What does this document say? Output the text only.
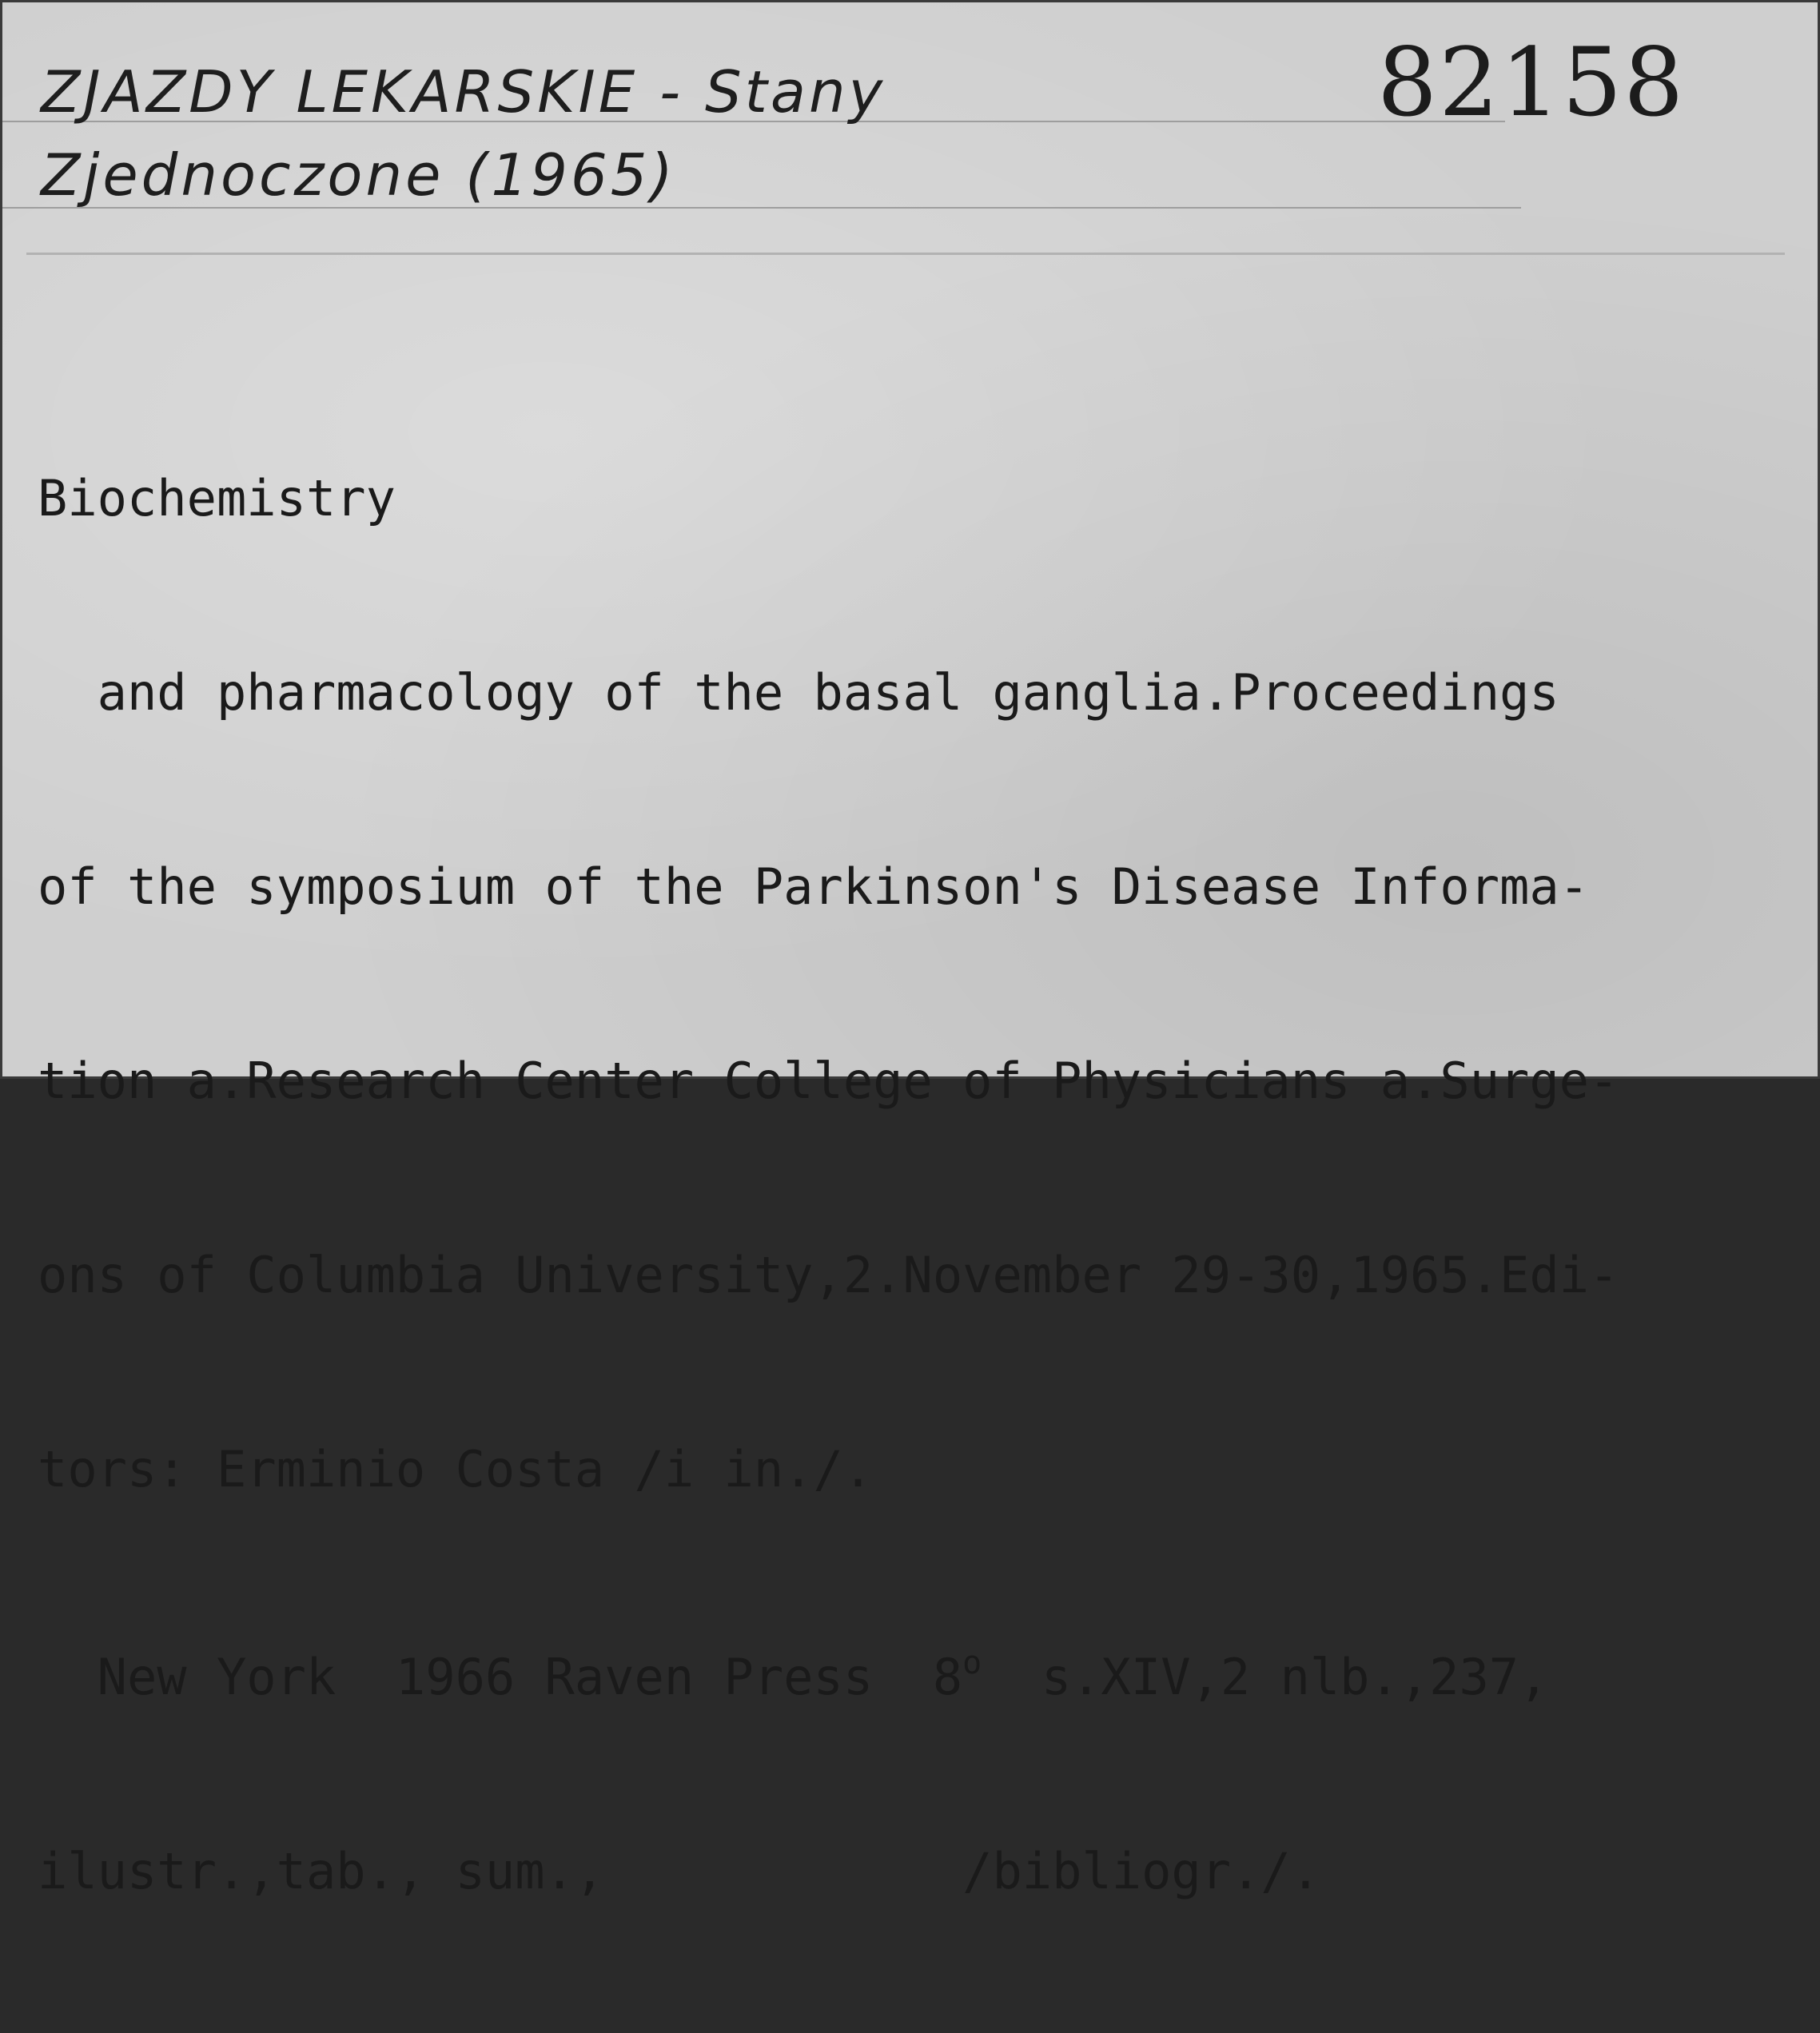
ZJAZDY LEKARSKIE - Stany
Zjednoczone (1965)
82158

Biochemistry

and pharmacology of the basal ganglia.Proceedings

of the symposium of the Parkinson's Disease Informa-

tion a.Research Center College of Physicians a.Surge-

ons of Columbia University,2.November 29-30,1965.Edi-

tors: Erminio Costa /i in./.

New York  1966 Raven Press  8$^o$  s.XIV,2 nlb.,237,

ilustr.,tab., sum.,            /bibliogr./.
